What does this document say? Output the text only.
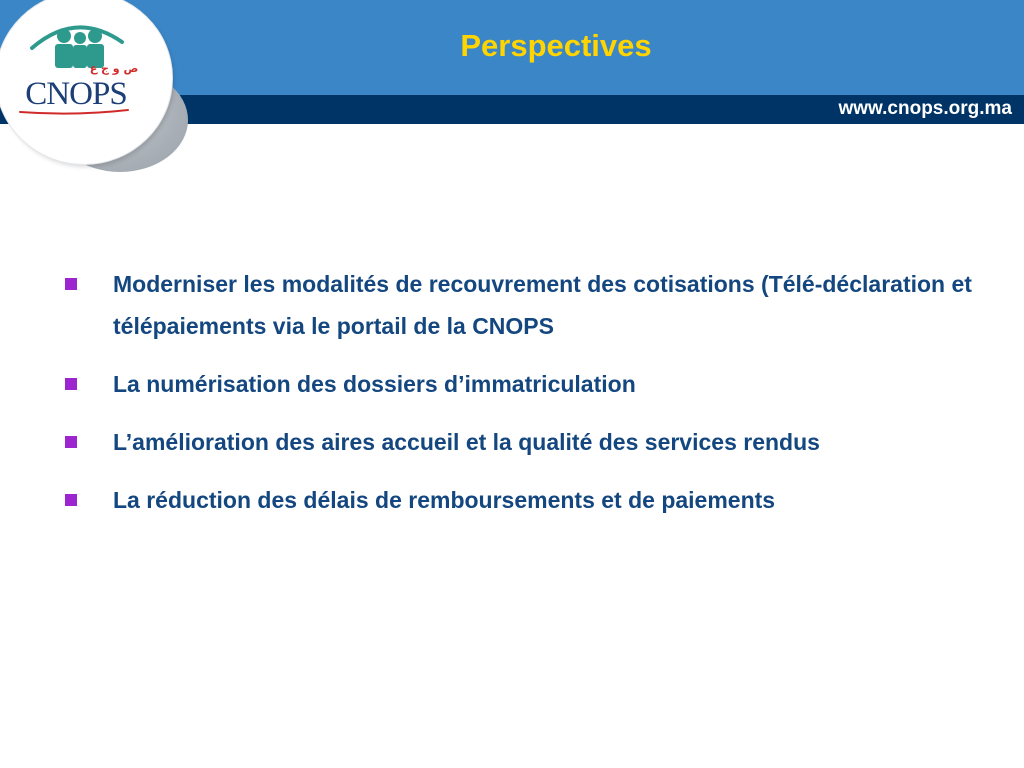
Perspectives
www.cnops.org.ma
ص و ج ع
CNOPS
Moderniser les modalités de recouvrement des cotisations (Télé-déclaration et télépaiements via le portail de la CNOPS
La numérisation des dossiers d’immatriculation
L’amélioration des aires accueil et la qualité des services rendus
La réduction des délais de remboursements et de paiements
